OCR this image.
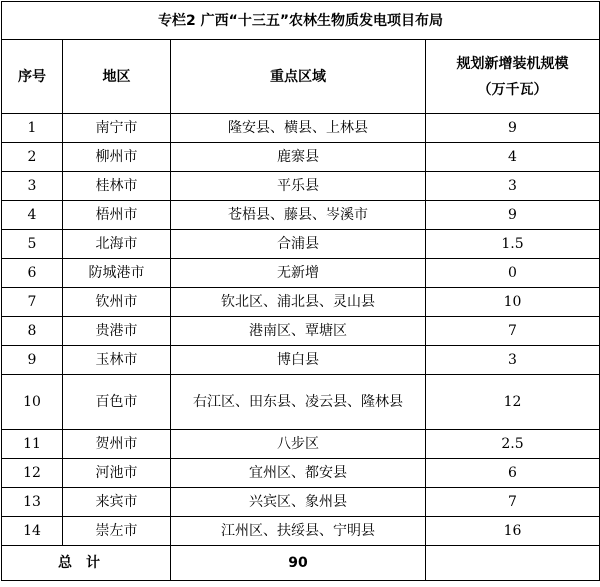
专栏2 广西“十三五”农林生物质发电项目布局			
序号	地区	重点区域	规划新增装机规模
（万千瓦）

1	南宁市	隆安县、横县、上林县	9
2	柳州市	鹿寨县	4
3	桂林市	平乐县	3
4	梧州市	苍梧县、藤县、岑溪市	9
5	北海市	合浦县	1.5
6	防城港市	无新增	0
7	钦州市	钦北区、浦北县、灵山县	10
8	贵港市	港南区、覃塘区	7
9	玉林市	博白县	3
10	百色市	右江区、田东县、凌云县、隆林县	12
11	贺州市	八步区	2.5
12	河池市	宜州区、都安县	6
13	来宾市	兴宾区、象州县	7
14	崇左市	江州区、扶绥县、宁明县	16
总计		90	
